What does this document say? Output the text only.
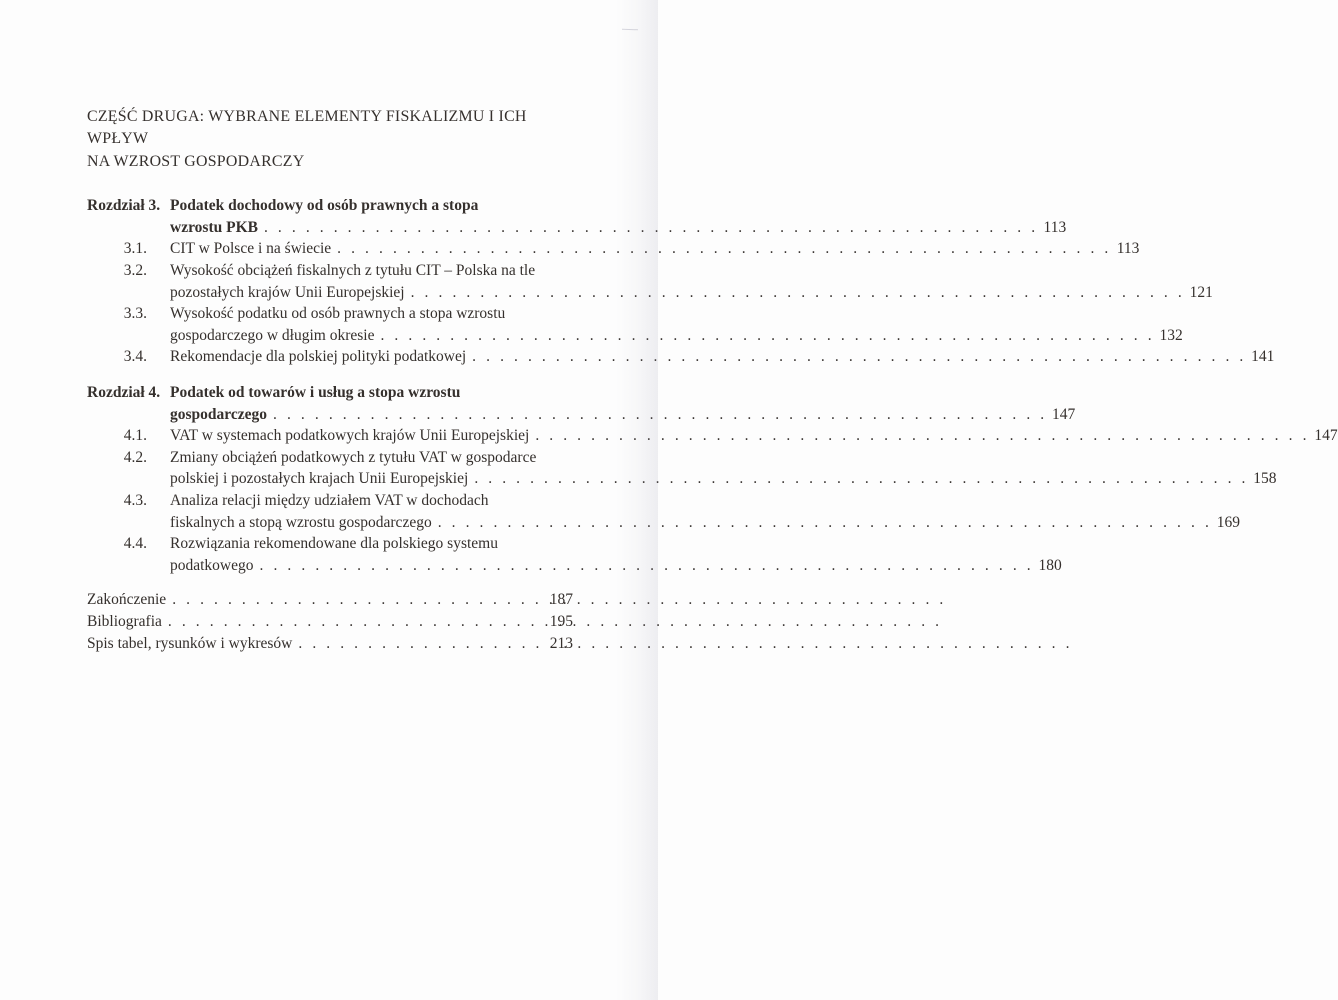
CZĘŚĆ DRUGA: WYBRANE ELEMENTY FISKALIZMU I ICH WPŁYW
NA WZROST GOSPODARCZY
Rozdział 3. Podatek dochodowy od osób prawnych a stopa
wzrostu PKB . . .	113
3.1.	CIT w Polsce i na świecie . . .	113
3.2.	Wysokość obciążeń fiskalnych z tytułu CIT – Polska na tle
pozostałych krajów Unii Europejskiej . . .	121
3.3.	Wysokość podatku od osób prawnych a stopa wzrostu
gospodarczego w długim okresie . . .	132
3.4.	Rekomendacje dla polskiej polityki podatkowej . . .	141
Rozdział 4. Podatek od towarów i usług a stopa wzrostu
gospodarczego . . .	147
4.1.	VAT w systemach podatkowych krajów Unii Europejskiej . . .	147
4.2.	Zmiany obciążeń podatkowych z tytułu VAT w gospodarce
polskiej i pozostałych krajach Unii Europejskiej . . .	158
4.3.	Analiza relacji między udziałem VAT w dochodach
fiskalnych a stopą wzrostu gospodarczego . . .	169
4.4.	Rozwiązania rekomendowane dla polskiego systemu
podatkowego . . .	180
Zakończenie . . .	187
Bibliografia . . .	195
Spis tabel, rysunków i wykresów . . .	213
